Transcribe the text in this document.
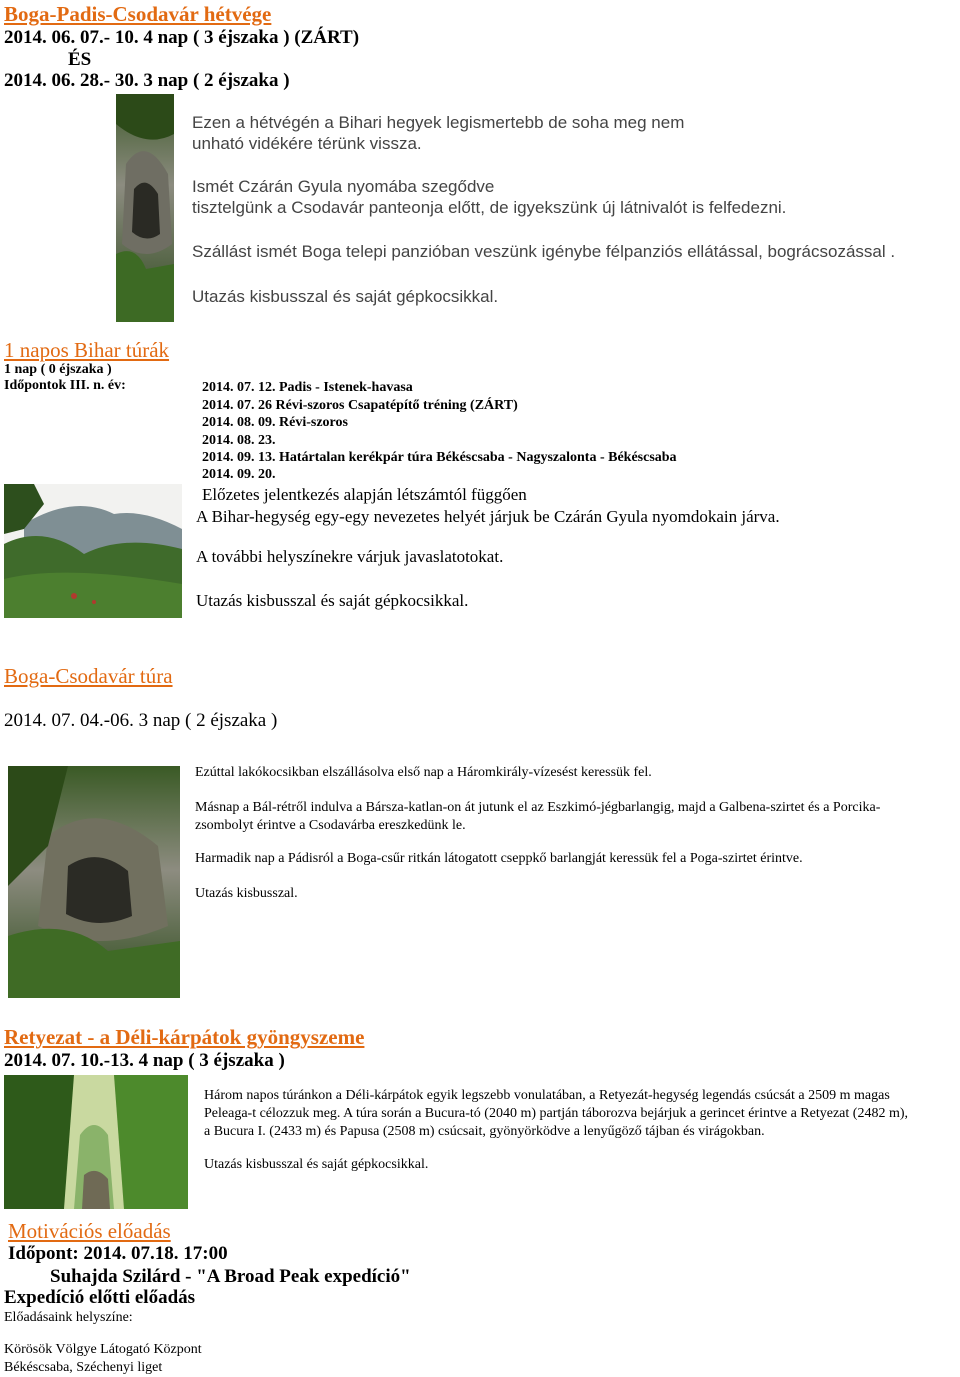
Boga-Padis-Csodavár hétvége
2014. 06. 07.- 10. 4 nap ( 3 éjszaka ) (ZÁRT)
ÉS
2014. 06. 28.- 30. 3 nap ( 2 éjszaka )
Ezen a hétvégén a Bihari hegyek legismertebb de soha meg nem
unható vidékére térünk vissza.
Ismét Czárán Gyula nyomába szegődve
tisztelgünk a Csodavár panteonja előtt, de igyekszünk új látnivalót is felfedezni.
Szállást ismét Boga telepi panzióban veszünk igénybe félpanziós ellátással, bográcsozással .
Utazás kisbusszal és saját gépkocsikkal.
1 napos Bihar túrák
1 nap ( 0 éjszaka )
Időpontok III. n. év:	2014. 07. 12. Padis - Istenek-havasa
2014. 07. 26 Révi-szoros Csapatépítő tréning (ZÁRT)
2014. 08. 09. Révi-szoros
2014. 08. 23.
2014. 09. 13. Határtalan kerékpár túra Békéscsaba - Nagyszalonta - Békéscsaba
2014. 09. 20.
Előzetes jelentkezés alapján létszámtól függően
A Bihar-hegység egy-egy nevezetes helyét járjuk be Czárán Gyula nyomdokain járva.
A további helyszínekre várjuk javaslatotokat.
Utazás kisbusszal és saját gépkocsikkal.
Boga-Csodavár túra
2014. 07. 04.-06. 3 nap ( 2 éjszaka )
Ezúttal lakókocsikban elszállásolva első nap a Háromkirály-vízesést keressük fel.
Másnap a Bál-rétről indulva a Bársza-katlan-on át jutunk el az Eszkimó-jégbarlangig, majd a Galbena-szirtet és a Porcika-
zsombolyt érintve a Csodavárba ereszkedünk le.
Harmadik nap a Pádisról a Boga-csűr ritkán látogatott cseppkő barlangját keressük fel a Poga-szirtet érintve.
Utazás kisbusszal.
Retyezat - a Déli-kárpátok gyöngyszeme
2014. 07. 10.-13. 4 nap ( 3 éjszaka )
Három napos túránkon a Déli-kárpátok egyik legszebb vonulatában, a Retyezát-hegység legendás csúcsát a 2509 m magas
Peleaga-t célozzuk meg. A túra során a Bucura-tó (2040 m) partján táborozva bejárjuk a gerincet érintve a Retyezat (2482 m),
a Bucura I. (2433 m) és Papusa (2508 m) csúcsait, gyönyörködve a lenyűgöző tájban és virágokban.
Utazás kisbusszal és saját gépkocsikkal.
Motivációs előadás
Időpont: 2014. 07.18. 17:00
Suhajda Szilárd - "A Broad Peak expedíció"
Expedíció előtti előadás
Előadásaink helyszíne:
Körösök Völgye Látogató Központ
Békéscsaba, Széchenyi liget
